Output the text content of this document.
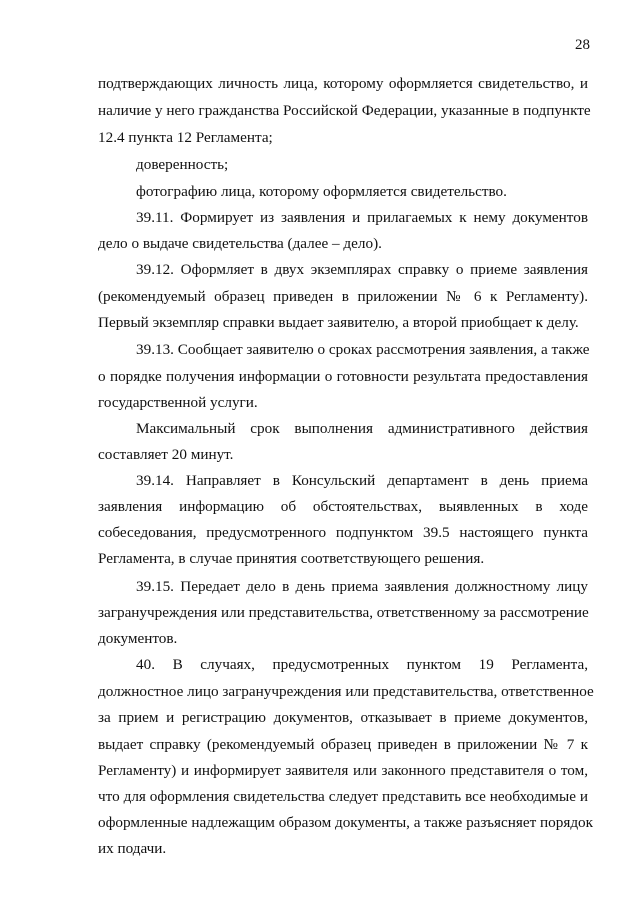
28
подтверждающих личность лица, которому оформляется свидетельство, и
наличие у него гражданства Российской Федерации, указанные в подпункте
12.4 пункта 12 Регламента;
доверенность;
фотографию лица, которому оформляется свидетельство.
39.11. Формирует из заявления и прилагаемых к нему документов
дело о выдаче свидетельства (далее – дело).
39.12. Оформляет в двух экземплярах справку о приеме заявления
(рекомендуемый образец приведен в приложении № 6 к Регламенту).
Первый экземпляр справки выдает заявителю, а второй приобщает к делу.
39.13. Сообщает заявителю о сроках рассмотрения заявления, а также
о порядке получения информации о готовности результата предоставления
государственной услуги.
Максимальный срок выполнения административного действия
составляет 20 минут.
39.14. Направляет в Консульский департамент в день приема
заявления информацию об обстоятельствах, выявленных в ходе
собеседования, предусмотренного подпунктом 39.5 настоящего пункта
Регламента, в случае принятия соответствующего решения.
39.15. Передает дело в день приема заявления должностному лицу
загранучреждения или представительства, ответственному за рассмотрение
документов.
40. В случаях, предусмотренных пунктом 19 Регламента,
должностное лицо загранучреждения или представительства, ответственное
за прием и регистрацию документов, отказывает в приеме документов,
выдает справку (рекомендуемый образец приведен в приложении № 7 к
Регламенту) и информирует заявителя или законного представителя о том,
что для оформления свидетельства следует представить все необходимые и
оформленные надлежащим образом документы, а также разъясняет порядок
их подачи.
